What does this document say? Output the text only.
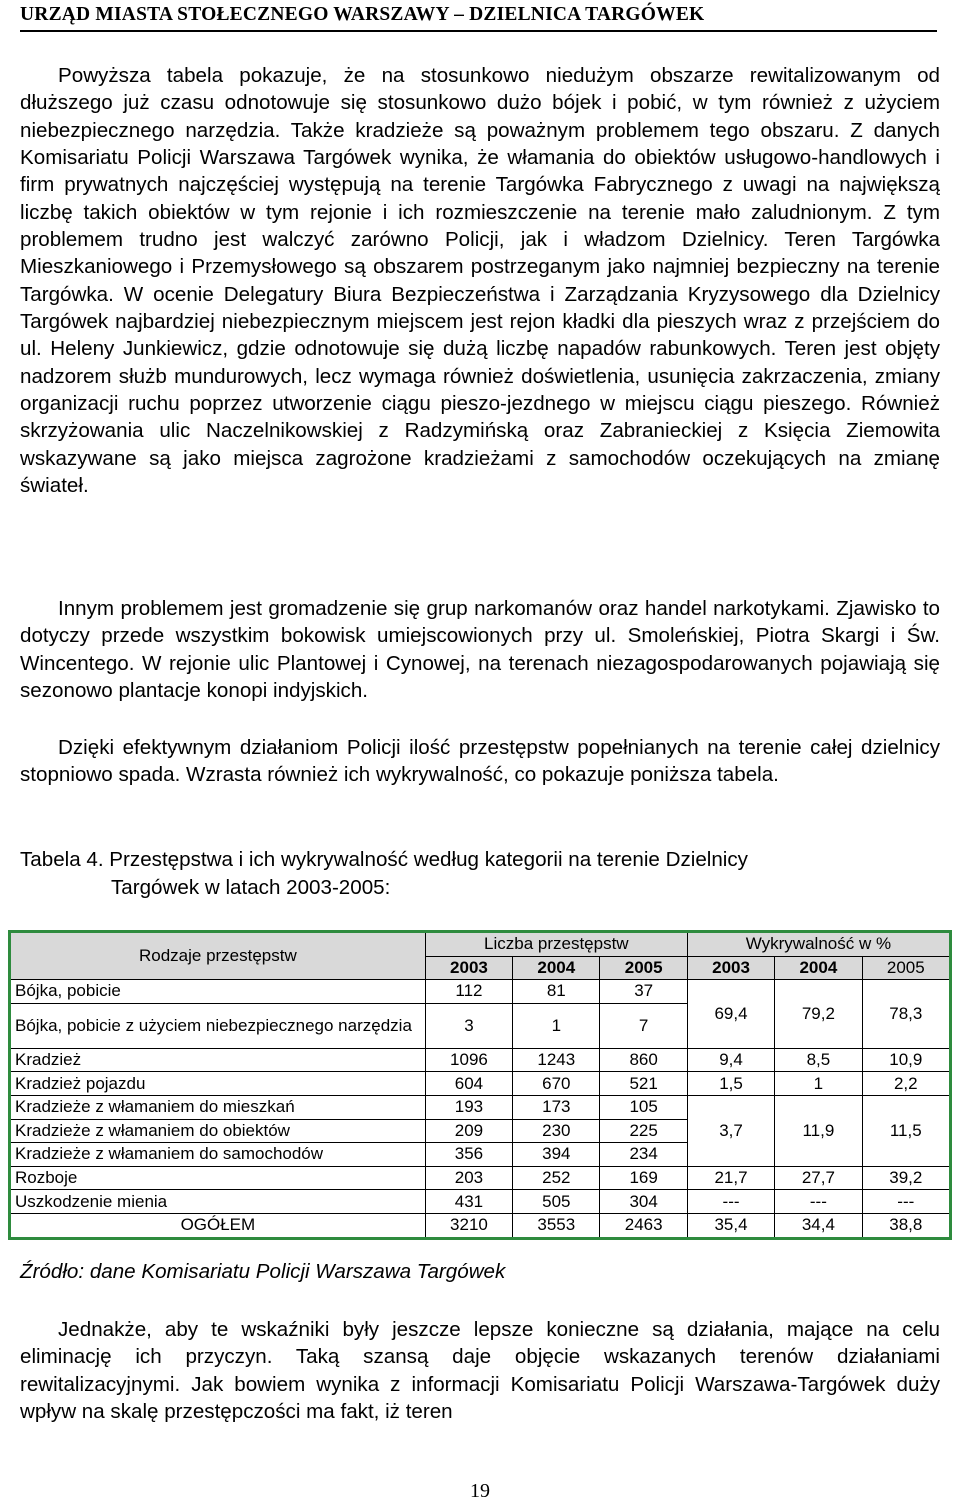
URZĄD MIASTA STOŁECZNEGO WARSZAWY – DZIELNICA TARGÓWEK

Powyższa tabela pokazuje, że na stosunkowo niedużym obszarze rewitalizowanym od dłuższego już czasu odnotowuje się stosunkowo dużo bójek i pobić, w tym również z użyciem niebezpiecznego narzędzia. Także kradzieże są poważnym problemem tego obszaru. Z danych Komisariatu Policji Warszawa Targówek wynika, że włamania do obiektów usługowo-handlowych i firm prywatnych najczęściej występują na terenie Targówka Fabrycznego z uwagi na największą liczbę takich obiektów w tym rejonie i ich rozmieszczenie na terenie mało zaludnionym. Z tym problemem trudno jest walczyć zarówno Policji, jak i władzom Dzielnicy. Teren Targówka Mieszkaniowego i Przemysłowego są obszarem postrzeganym jako najmniej bezpieczny na terenie Targówka. W ocenie Delegatury Biura Bezpieczeństwa i Zarządzania Kryzysowego dla Dzielnicy Targówek najbardziej niebezpiecznym miejscem jest rejon kładki dla pieszych wraz z przejściem do ul. Heleny Junkiewicz, gdzie odnotowuje się dużą liczbę napadów rabunkowych. Teren jest objęty nadzorem służb mundurowych, lecz wymaga również doświetlenia, usunięcia zakrzaczenia, zmiany organizacji ruchu poprzez utworzenie ciągu pieszo-jezdnego w miejscu ciągu pieszego. Również skrzyżowania ulic Naczelnikowskiej z Radzymińską oraz Zabranieckiej z Księcia Ziemowita wskazywane są jako miejsca zagrożone kradzieżami z samochodów oczekujących na zmianę świateł.

Innym problemem jest gromadzenie się grup narkomanów oraz handel narkotykami. Zjawisko to dotyczy przede wszystkim bokowisk umiejscowionych przy ul. Smoleńskiej, Piotra Skargi i Św. Wincentego. W rejonie ulic Plantowej i Cynowej, na terenach niezagospodarowanych pojawiają się sezonowo plantacje konopi indyjskich.

Dzięki efektywnym działaniom Policji ilość przestępstw popełnianych na terenie całej dzielnicy stopniowo spada. Wzrasta również ich wykrywalność, co pokazuje poniższa tabela.

Tabela 4. Przestępstwa i ich wykrywalność według kategorii na terenie Dzielnicy
Targówek w latach 2003-2005:
Rodzaje przestępstw	Liczba przestępstw			Wykrywalność w %		
	2003	2004	2005	2003	2004	2005
Bójka, pobicie	112	81	37	69,4	79,2	78,3
Bójka, pobicie z użyciem niebezpiecznego narzędzia	3	1	7			
Kradzież	1096	1243	860	9,4	8,5	10,9
Kradzież pojazdu	604	670	521	1,5	1	2,2
Kradzieże z włamaniem do mieszkań	193	173	105	3,7	11,9	11,5
Kradzieże z włamaniem do obiektów	209	230	225			
Kradzieże z włamaniem do samochodów	356	394	234			
Rozboje	203	252	169	21,7	27,7	39,2
Uszkodzenie mienia	431	505	304	---	---	---
OGÓŁEM	3210	3553	2463	35,4	34,4	38,8
Źródło: dane Komisariatu Policji Warszawa Targówek

Jednakże, aby te wskaźniki były jeszcze lepsze konieczne są działania, mające na celu eliminację ich przyczyn. Taką szansą daje objęcie wskazanych terenów działaniami rewitalizacyjnymi. Jak bowiem wynika z informacji Komisariatu Policji Warszawa-Targówek duży wpływ na skalę przestępczości ma fakt, iż teren

19
